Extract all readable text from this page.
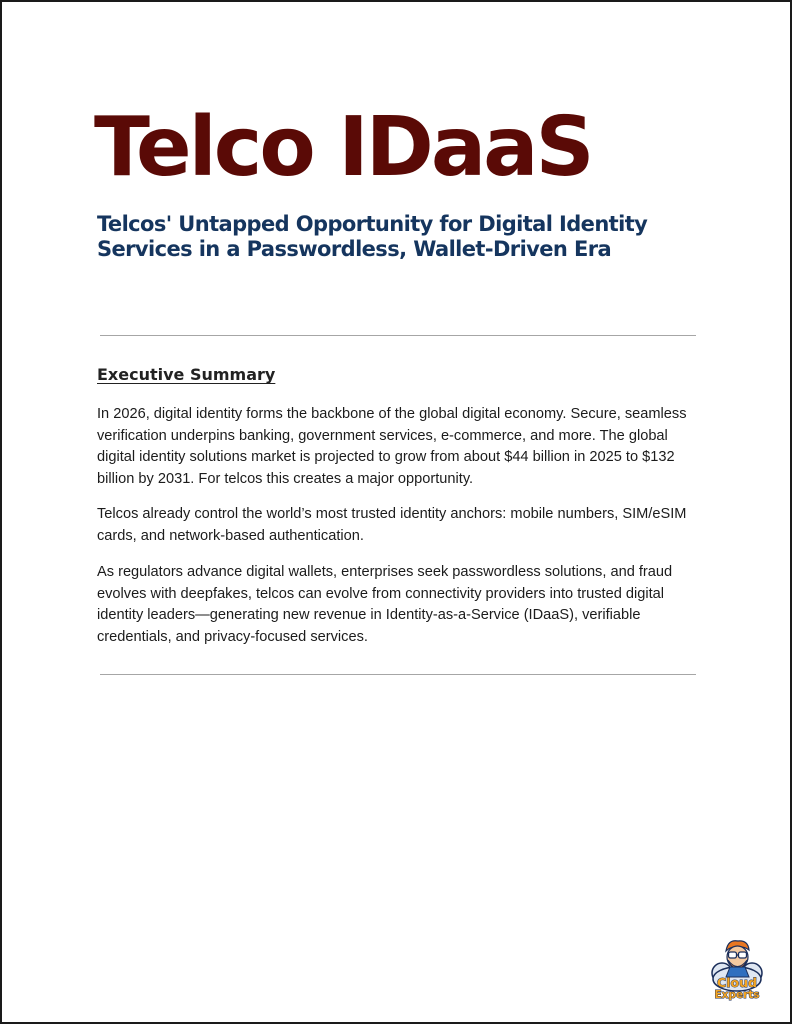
Telco IDaaS
Telcos' Untapped Opportunity for Digital Identity Services in a Passwordless, Wallet-Driven Era
Executive Summary

In 2026, digital identity forms the backbone of the global digital economy. Secure, seamless verification underpins banking, government services, e-commerce, and more. The global digital identity solutions market is projected to grow from about $44 billion in 2025 to $132 billion by 2031. For telcos this creates a major opportunity.

Telcos already control the world’s most trusted identity anchors: mobile numbers, SIM/eSIM cards, and network-based authentication.

As regulators advance digital wallets, enterprises seek passwordless solutions, and fraud evolves with deepfakes, telcos can evolve from connectivity providers into trusted digital identity leaders—generating new revenue in Identity-as-a-Service (IDaaS), verifiable credentials, and privacy-focused services.

Cloud
Experts
